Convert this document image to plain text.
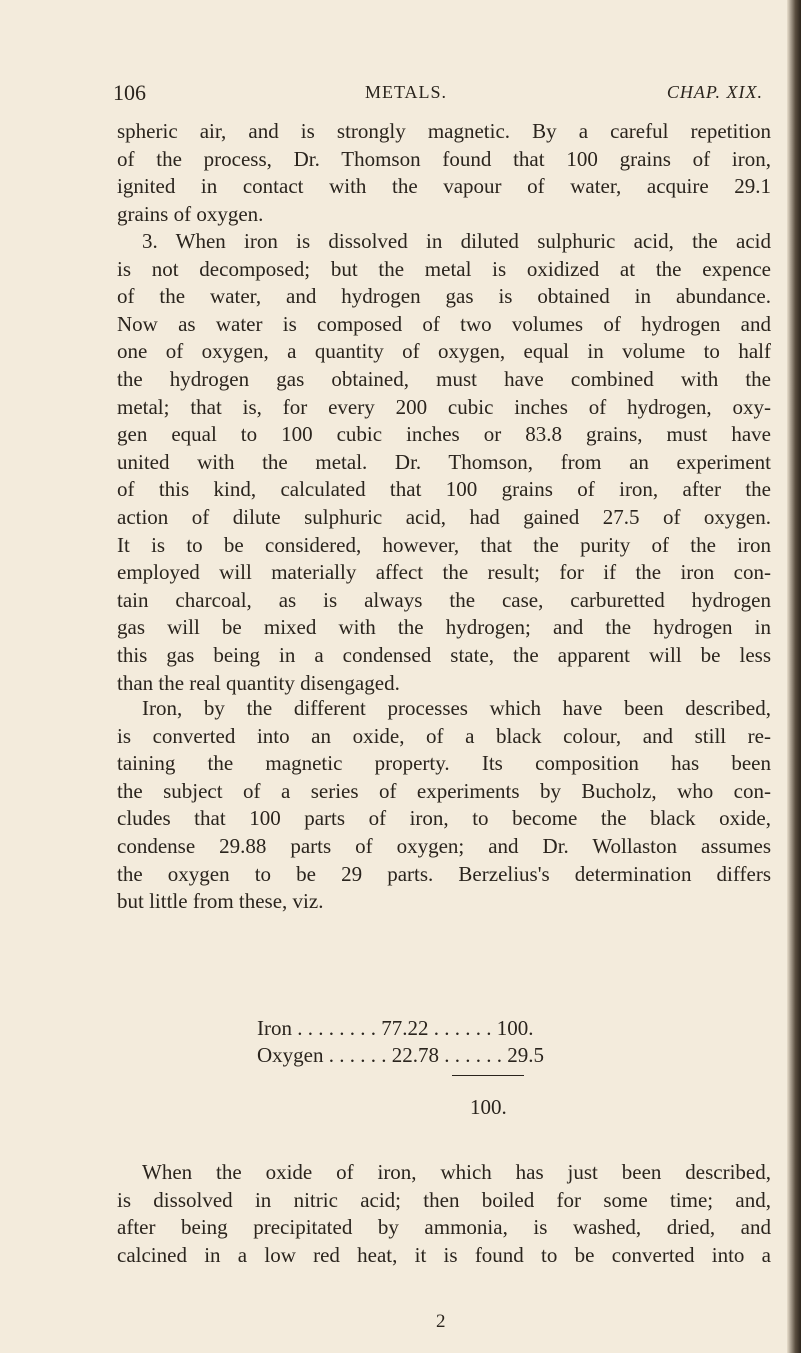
106	METALS.	CHAP. XIX.
spheric air, and is strongly magnetic. By a careful repetition
of the process, Dr. Thomson found that 100 grains of iron,
ignited in contact with the vapour of water, acquire 29.1
grains of oxygen.
3. When iron is dissolved in diluted sulphuric acid, the acid
is not decomposed; but the metal is oxidized at the expence
of the water, and hydrogen gas is obtained in abundance.
Now as water is composed of two volumes of hydrogen and
one of oxygen, a quantity of oxygen, equal in volume to half
the hydrogen gas obtained, must have combined with the
metal; that is, for every 200 cubic inches of hydrogen, oxy-
gen equal to 100 cubic inches or 83.8 grains, must have
united with the metal. Dr. Thomson, from an experiment
of this kind, calculated that 100 grains of iron, after the
action of dilute sulphuric acid, had gained 27.5 of oxygen.
It is to be considered, however, that the purity of the iron
employed will materially affect the result; for if the iron con-
tain charcoal, as is always the case, carburetted hydrogen
gas will be mixed with the hydrogen; and the hydrogen in
this gas being in a condensed state, the apparent will be less
than the real quantity disengaged.
Iron, by the different processes which have been described,
is converted into an oxide, of a black colour, and still re-
taining the magnetic property. Its composition has been
the subject of a series of experiments by Bucholz, who con-
cludes that 100 parts of iron, to become the black oxide,
condense 29.88 parts of oxygen; and Dr. Wollaston assumes
the oxygen to be 29 parts. Berzelius's determination differs
but little from these, viz.
Iron . . . . . . . . 77.22 . . . . . . 100.
Oxygen . . . . . . 22.78 . . . . . . 29.5
100.
When the oxide of iron, which has just been described,
is dissolved in nitric acid; then boiled for some time; and,
after being precipitated by ammonia, is washed, dried, and
calcined in a low red heat, it is found to be converted into a
2
